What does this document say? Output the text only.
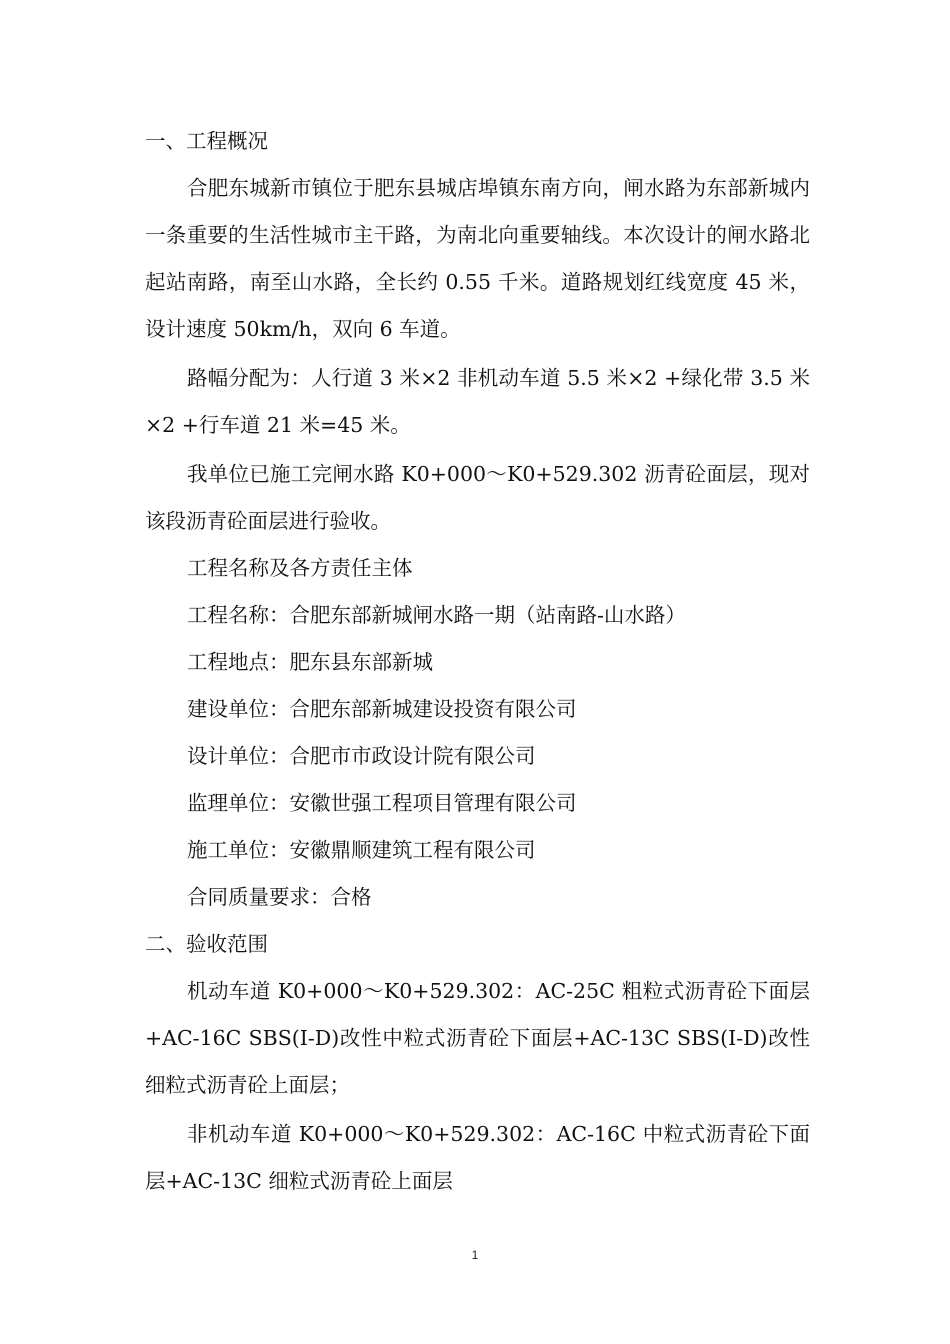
一、工程概况

合肥东城新市镇位于肥东县城店埠镇东南方向，闸水路为东部新城内一条重要的生活性城市主干路，为南北向重要轴线。本次设计的闸水路北起站南路，南至山水路，全长约 0.55 千米。道路规划红线宽度 45 米，设计速度 50km/h，双向 6 车道。

路幅分配为：人行道 3 米×2 非机动车道 5.5 米×2 +绿化带 3.5 米×2 +行车道 21 米=45 米。

我单位已施工完闸水路 K0+000～K0+529.302 沥青砼面层，现对该段沥青砼面层进行验收。

工程名称及各方责任主体

工程名称：合肥东部新城闸水路一期（站南路-山水路）

工程地点：肥东县东部新城

建设单位：合肥东部新城建设投资有限公司

设计单位：合肥市市政设计院有限公司

监理单位：安徽世强工程项目管理有限公司

施工单位：安徽鼎顺建筑工程有限公司

合同质量要求：合格

二、验收范围

机动车道 K0+000～K0+529.302：AC-25C 粗粒式沥青砼下面层+AC-16C SBS(I-D)改性中粒式沥青砼下面层+AC-13C SBS(I-D)改性细粒式沥青砼上面层；

非机动车道 K0+000～K0+529.302：AC-16C 中粒式沥青砼下面层+AC-13C 细粒式沥青砼上面层

1
